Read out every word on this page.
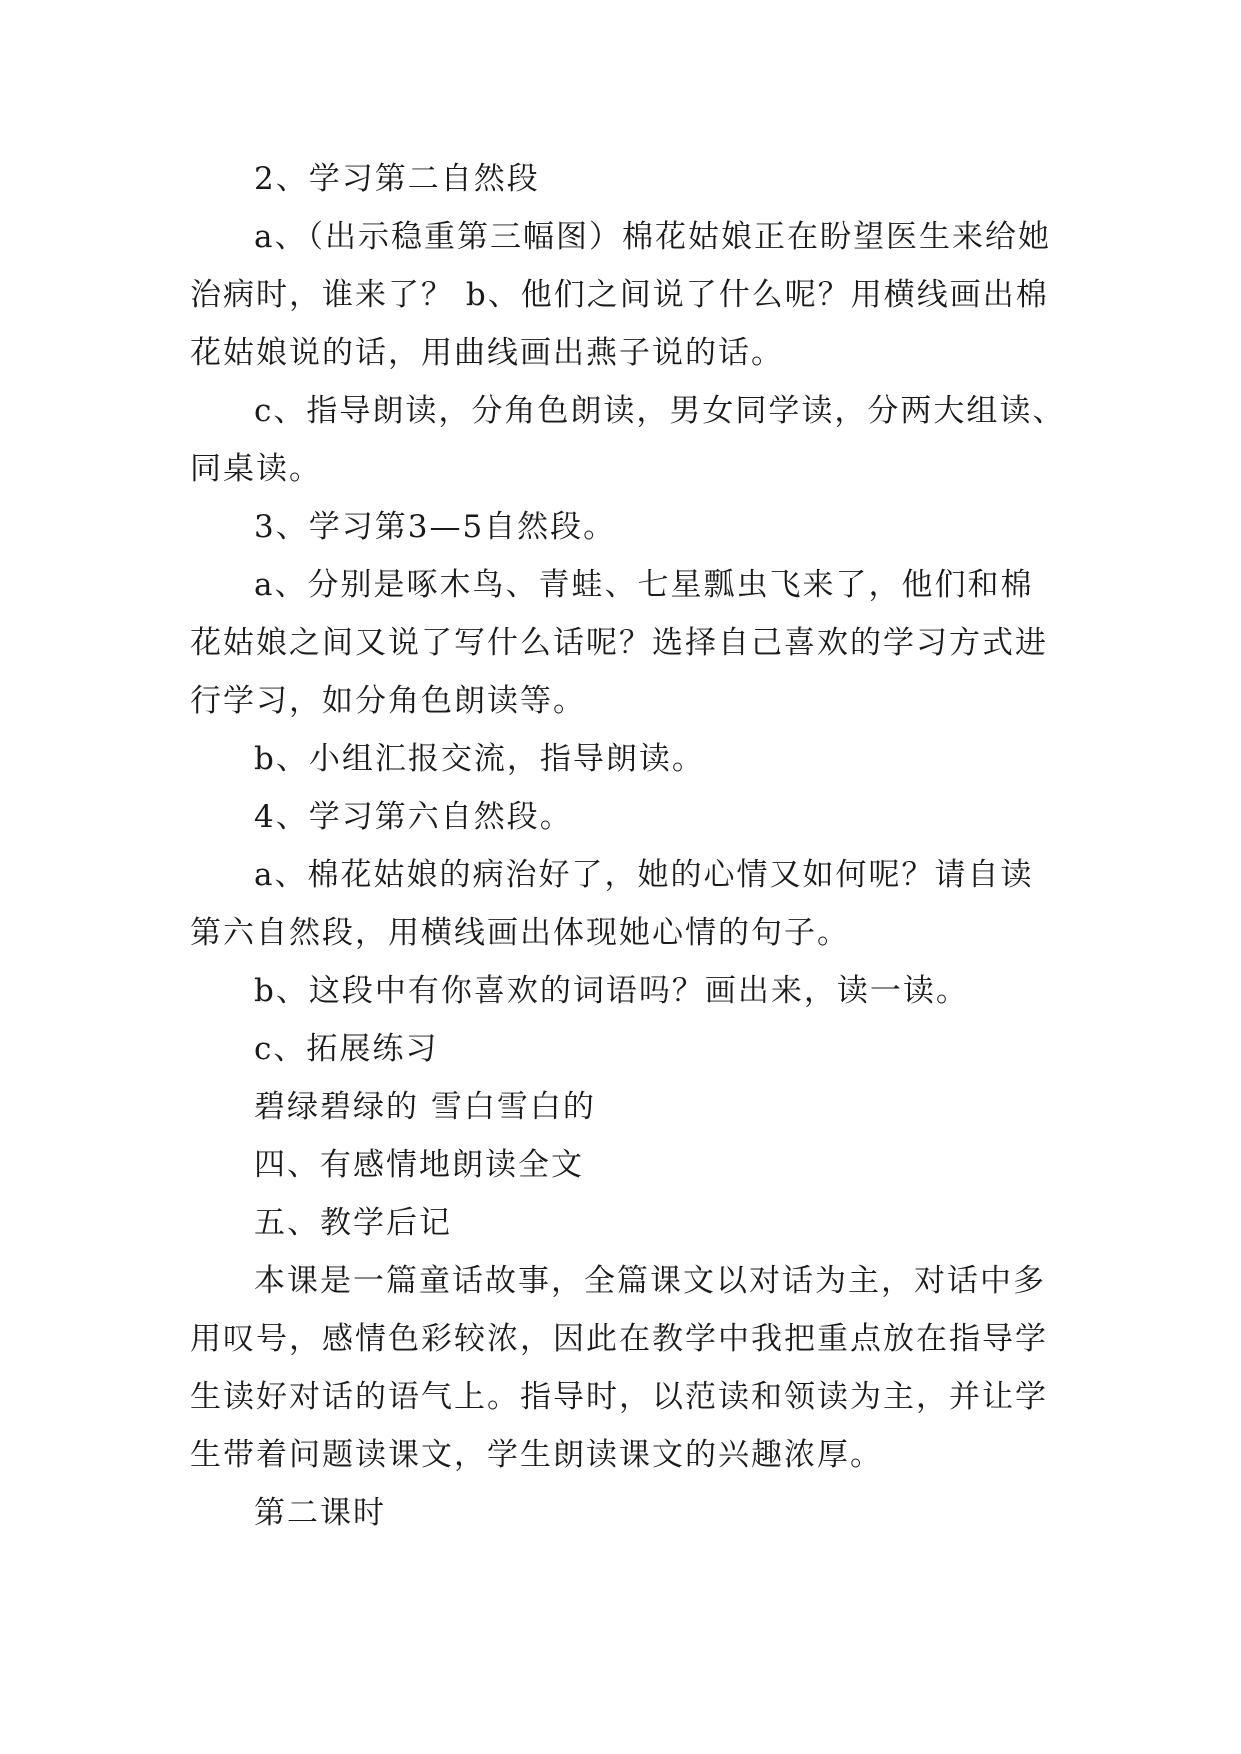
2、学习第二自然段

a、（出示稳重第三幅图）棉花姑娘正在盼望医生来给她治病时，谁来了？ b、他们之间说了什么呢？用横线画出棉花姑娘说的话，用曲线画出燕子说的话。

c、指导朗读，分角色朗读，男女同学读，分两大组读、同桌读。

3、学习第3—5自然段。

a、分别是啄木鸟、青蛙、七星瓢虫飞来了，他们和棉花姑娘之间又说了写什么话呢？选择自己喜欢的学习方式进行学习，如分角色朗读等。

b、小组汇报交流，指导朗读。

4、学习第六自然段。

a、棉花姑娘的病治好了，她的心情又如何呢？请自读第六自然段，用横线画出体现她心情的句子。

b、这段中有你喜欢的词语吗？画出来，读一读。

c、拓展练习

碧绿碧绿的 雪白雪白的

四、有感情地朗读全文

五、教学后记

本课是一篇童话故事，全篇课文以对话为主，对话中多用叹号，感情色彩较浓，因此在教学中我把重点放在指导学生读好对话的语气上。指导时，以范读和领读为主，并让学生带着问题读课文，学生朗读课文的兴趣浓厚。

第二课时
